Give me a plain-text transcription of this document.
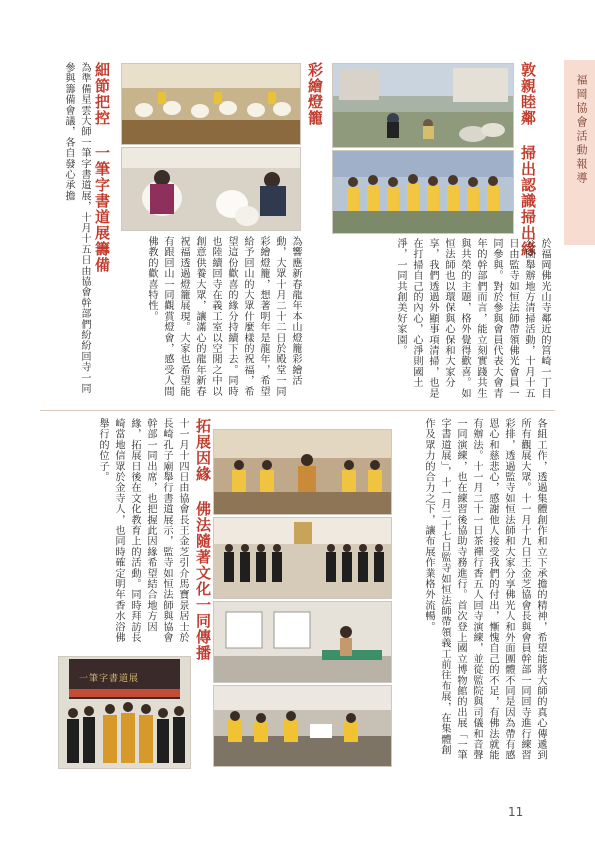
福岡協會活動報導
敦親睦鄰 掃出認識掃出緣
於福岡佛光山寺鄰近的筥崎一丁目公園舉辦地方清掃活動，十月十五日由監寺如恒法師帶領佛光會員一同參與。對於參與會員代表大會青年的幹部們而言，能立刻實踐共生與共榮的主題，格外覺得歡喜。如恒法師也以環保與心保和大家分享，我們透過外顯事項清掃，也是在打掃自己的內心，心淨則國土淨，一同共創美好家園。
彩繪燈籠
為響應新春龍年本山燈籠彩繪活動，大眾十月二十二日於殿堂一同彩繪燈籠，想著明年是龍年，希望給予回山的大眾什麼樣的祝福，希望這份歡喜的緣分持續下去。同時也陸續回寺在義工室以空閒之中以創意供養大眾，讓滿心的龍年新春祝福透過燈籠展現。大家也希望能有跟回山一同觀賞燈會，感受人間佛教的歡喜特性。
細節把控 一筆字書道展籌備
為準備星雲大師一筆字書道展，十月十五日由協會幹部們紛紛回寺一同參與籌備會議，各自發心承擔
拓展因緣 佛法隨著文化一同傳播
一筆字書道展
十一月十四日由協會長王金芝引介馬寶景居士於長崎孔子廟舉行書道展示，監寺如恒法師與協會幹部一同出席，也把握此因緣希望結合地方因緣，拓展日後在文化教育上的活動。同時拜訪長崎當地信眾於金寺人，也同時確定明年香水浴佛舉行的位子。	各組工作，透過集體創作和立下承擔的精神，希望能將大師的真心傳遞到所有觀展大眾。十一月十九日王金芝協會長與會員幹部一同回寺進行練習彩排，透過監寺如恒法師和大家分享佛光人和外面團體不同是因為帶有感恩心和慈悲心，感謝他人接受我們的付出，慚愧自己的不足，有佛法就能有辦法。十一月二十一日茶禪行香五人回寺演練，並從監院與司儀和音聲一同演練，也在練習後協助寺務進行。首次登上國立博物館的出展「一筆字書道展」，十一月二十七日監寺如恒法師帶領義工前往布展，在集體創作及眾力的合力之下，讓布展作業格外流暢。
11
